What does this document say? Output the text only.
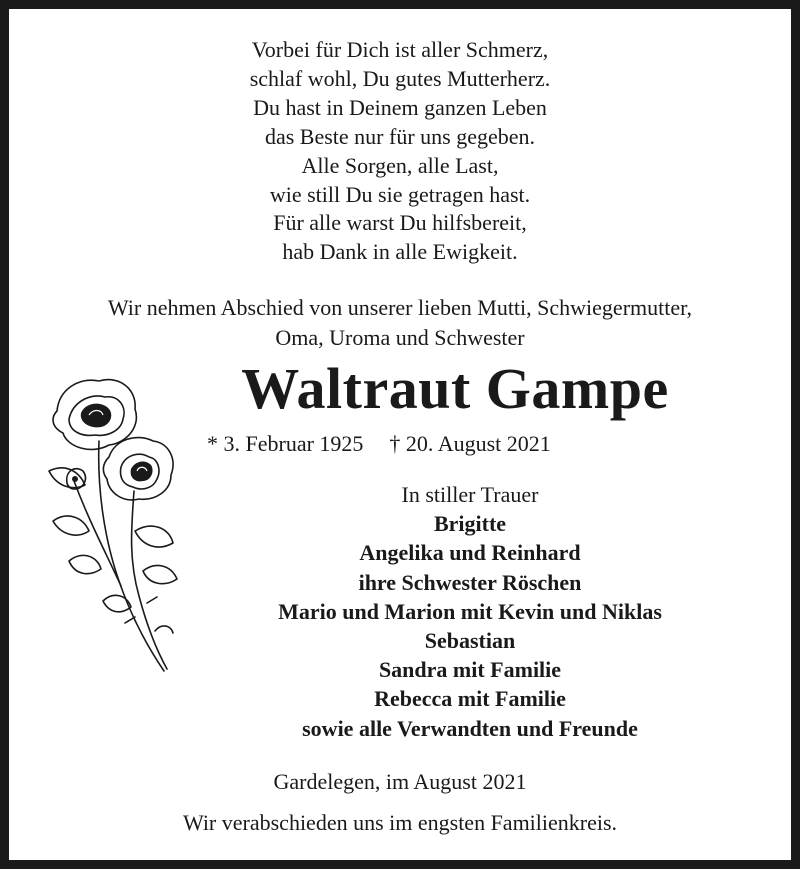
Vorbei für Dich ist aller Schmerz,
schlaf wohl, Du gutes Mutterherz.
Du hast in Deinem ganzen Leben
das Beste nur für uns gegeben.
Alle Sorgen, alle Last,
wie still Du sie getragen hast.
Für alle warst Du hilfsbereit,
hab Dank in alle Ewigkeit.
Wir nehmen Abschied von unserer lieben Mutti, Schwiegermutter,
Oma, Uroma und Schwester
Waltraut Gampe
* 3. Februar 1925 † 20. August 2021
In stiller Trauer
Brigitte
Angelika und Reinhard
ihre Schwester Röschen
Mario und Marion mit Kevin und Niklas
Sebastian
Sandra mit Familie
Rebecca mit Familie
sowie alle Verwandten und Freunde
Gardelegen, im August 2021
Wir verabschieden uns im engsten Familienkreis.
